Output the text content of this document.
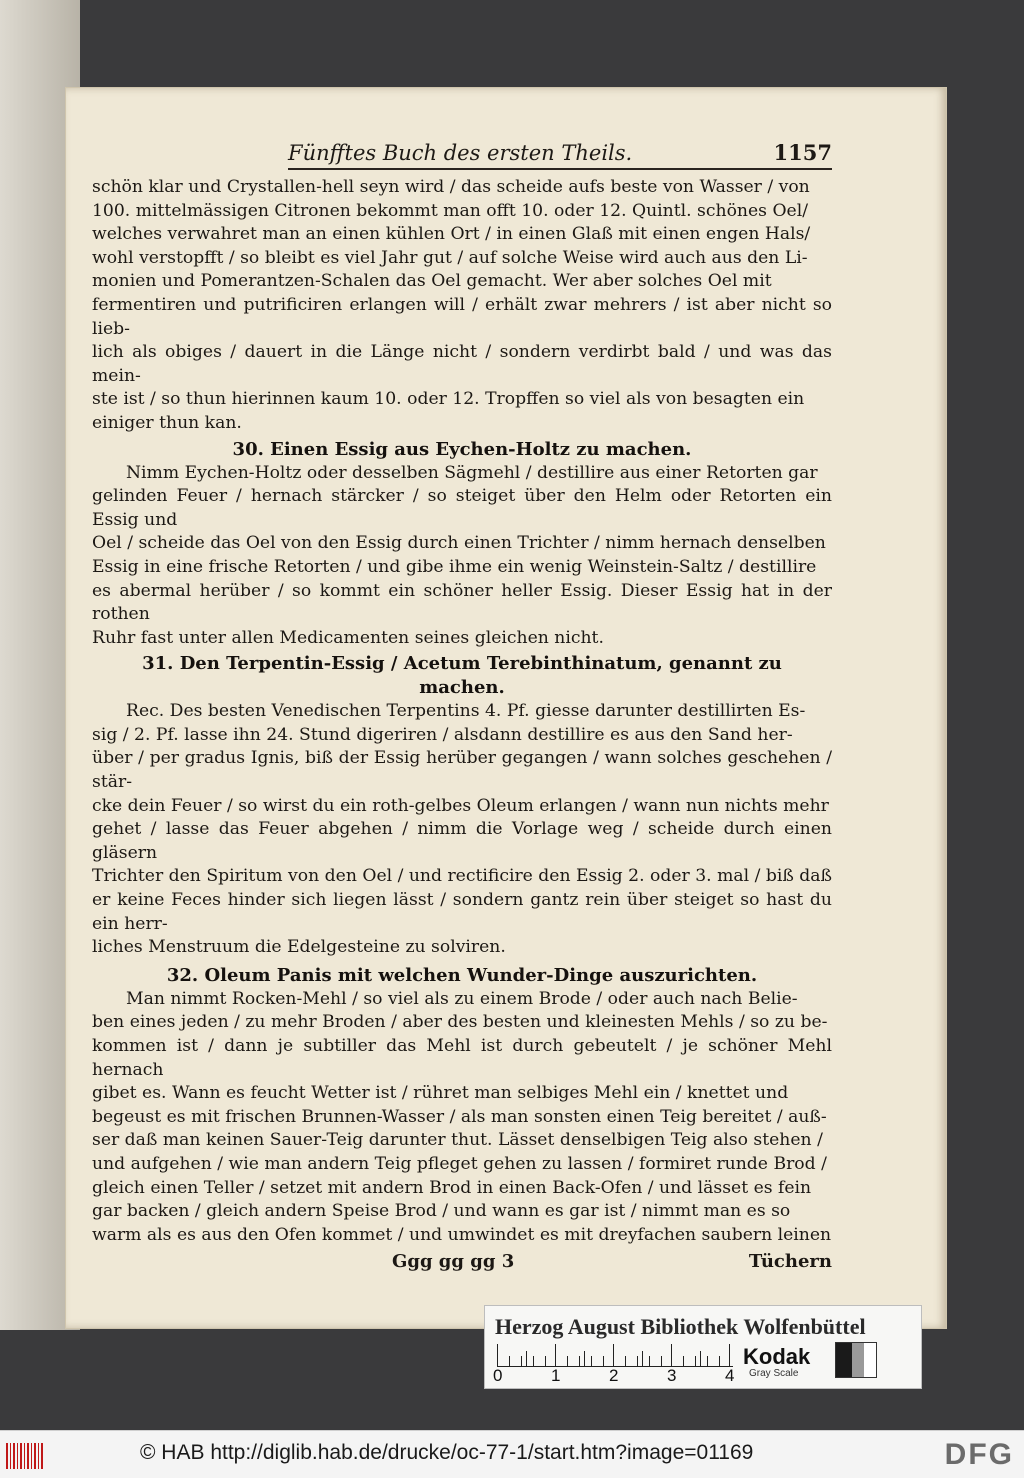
Fünfftes Buch des ersten Theils.	1157

schön klar und Crystallen-hell seyn wird / das scheide aufs beste von Wasser / von

100. mittelmässigen Citronen bekommt man offt 10. oder 12. Quintl. schönes Oel/

welches verwahret man an einen kühlen Ort / in einen Glaß mit einen engen Hals/

wohl verstopfft / so bleibt es viel Jahr gut / auf solche Weise wird auch aus den Li-

monien und Pomerantzen-Schalen das Oel gemacht. Wer aber solches Oel mit

fermentiren und putrificiren erlangen will / erhält zwar mehrers / ist aber nicht so lieb-

lich als obiges / dauert in die Länge nicht / sondern verdirbt bald / und was das mein-

ste ist / so thun hierinnen kaum 10. oder 12. Tropffen so viel als von besagten ein

einiger thun kan.

30. Einen Essig aus Eychen-Holtz zu machen.

Nimm Eychen-Holtz oder desselben Sägmehl / destillire aus einer Retorten gar

gelinden Feuer / hernach stärcker / so steiget über den Helm oder Retorten ein Essig und

Oel / scheide das Oel von den Essig durch einen Trichter / nimm hernach denselben

Essig in eine frische Retorten / und gibe ihme ein wenig Weinstein-Saltz / destillire

es abermal herüber / so kommt ein schöner heller Essig. Dieser Essig hat in der rothen

Ruhr fast unter allen Medicamenten seines gleichen nicht.

31. Den Terpentin-Essig / Acetum Terebinthinatum, genannt zu

machen.

Rec. Des besten Venedischen Terpentins 4. Pf. giesse darunter destillirten Es-

sig / 2. Pf. lasse ihn 24. Stund digeriren / alsdann destillire es aus den Sand her-

über / per gradus Ignis, biß der Essig herüber gegangen / wann solches geschehen / stär-

cke dein Feuer / so wirst du ein roth-gelbes Oleum erlangen / wann nun nichts mehr

gehet / lasse das Feuer abgehen / nimm die Vorlage weg / scheide durch einen gläsern

Trichter den Spiritum von den Oel / und rectificire den Essig 2. oder 3. mal / biß daß

er keine Feces hinder sich liegen lässt / sondern gantz rein über steiget so hast du ein herr-

liches Menstruum die Edelgesteine zu solviren.

32. Oleum Panis mit welchen Wunder-Dinge auszurichten.

Man nimmt Rocken-Mehl / so viel als zu einem Brode / oder auch nach Belie-

ben eines jeden / zu mehr Broden / aber des besten und kleinesten Mehls / so zu be-

kommen ist / dann je subtiller das Mehl ist durch gebeutelt / je schöner Mehl hernach

gibet es. Wann es feucht Wetter ist / rühret man selbiges Mehl ein / knettet und

begeust es mit frischen Brunnen-Wasser / als man sonsten einen Teig bereitet / auß-

ser daß man keinen Sauer-Teig darunter thut. Lässet denselbigen Teig also stehen /

und aufgehen / wie man andern Teig pfleget gehen zu lassen / formiret runde Brod /

gleich einen Teller / setzet mit andern Brod in einen Back-Ofen / und lässet es fein

gar backen / gleich andern Speise Brod / und wann es gar ist / nimmt man es so

warm als es aus den Ofen kommet / und umwindet es mit dreyfachen saubern leinen

Ggg gg gg 3	Tüchern
Herzog August Bibliothek Wolfenbüttel
0	1	2	3	4
Kodak
Gray Scale
© HAB http://diglib.hab.de/drucke/oc-77-1/start.htm?image=01169	DFG
